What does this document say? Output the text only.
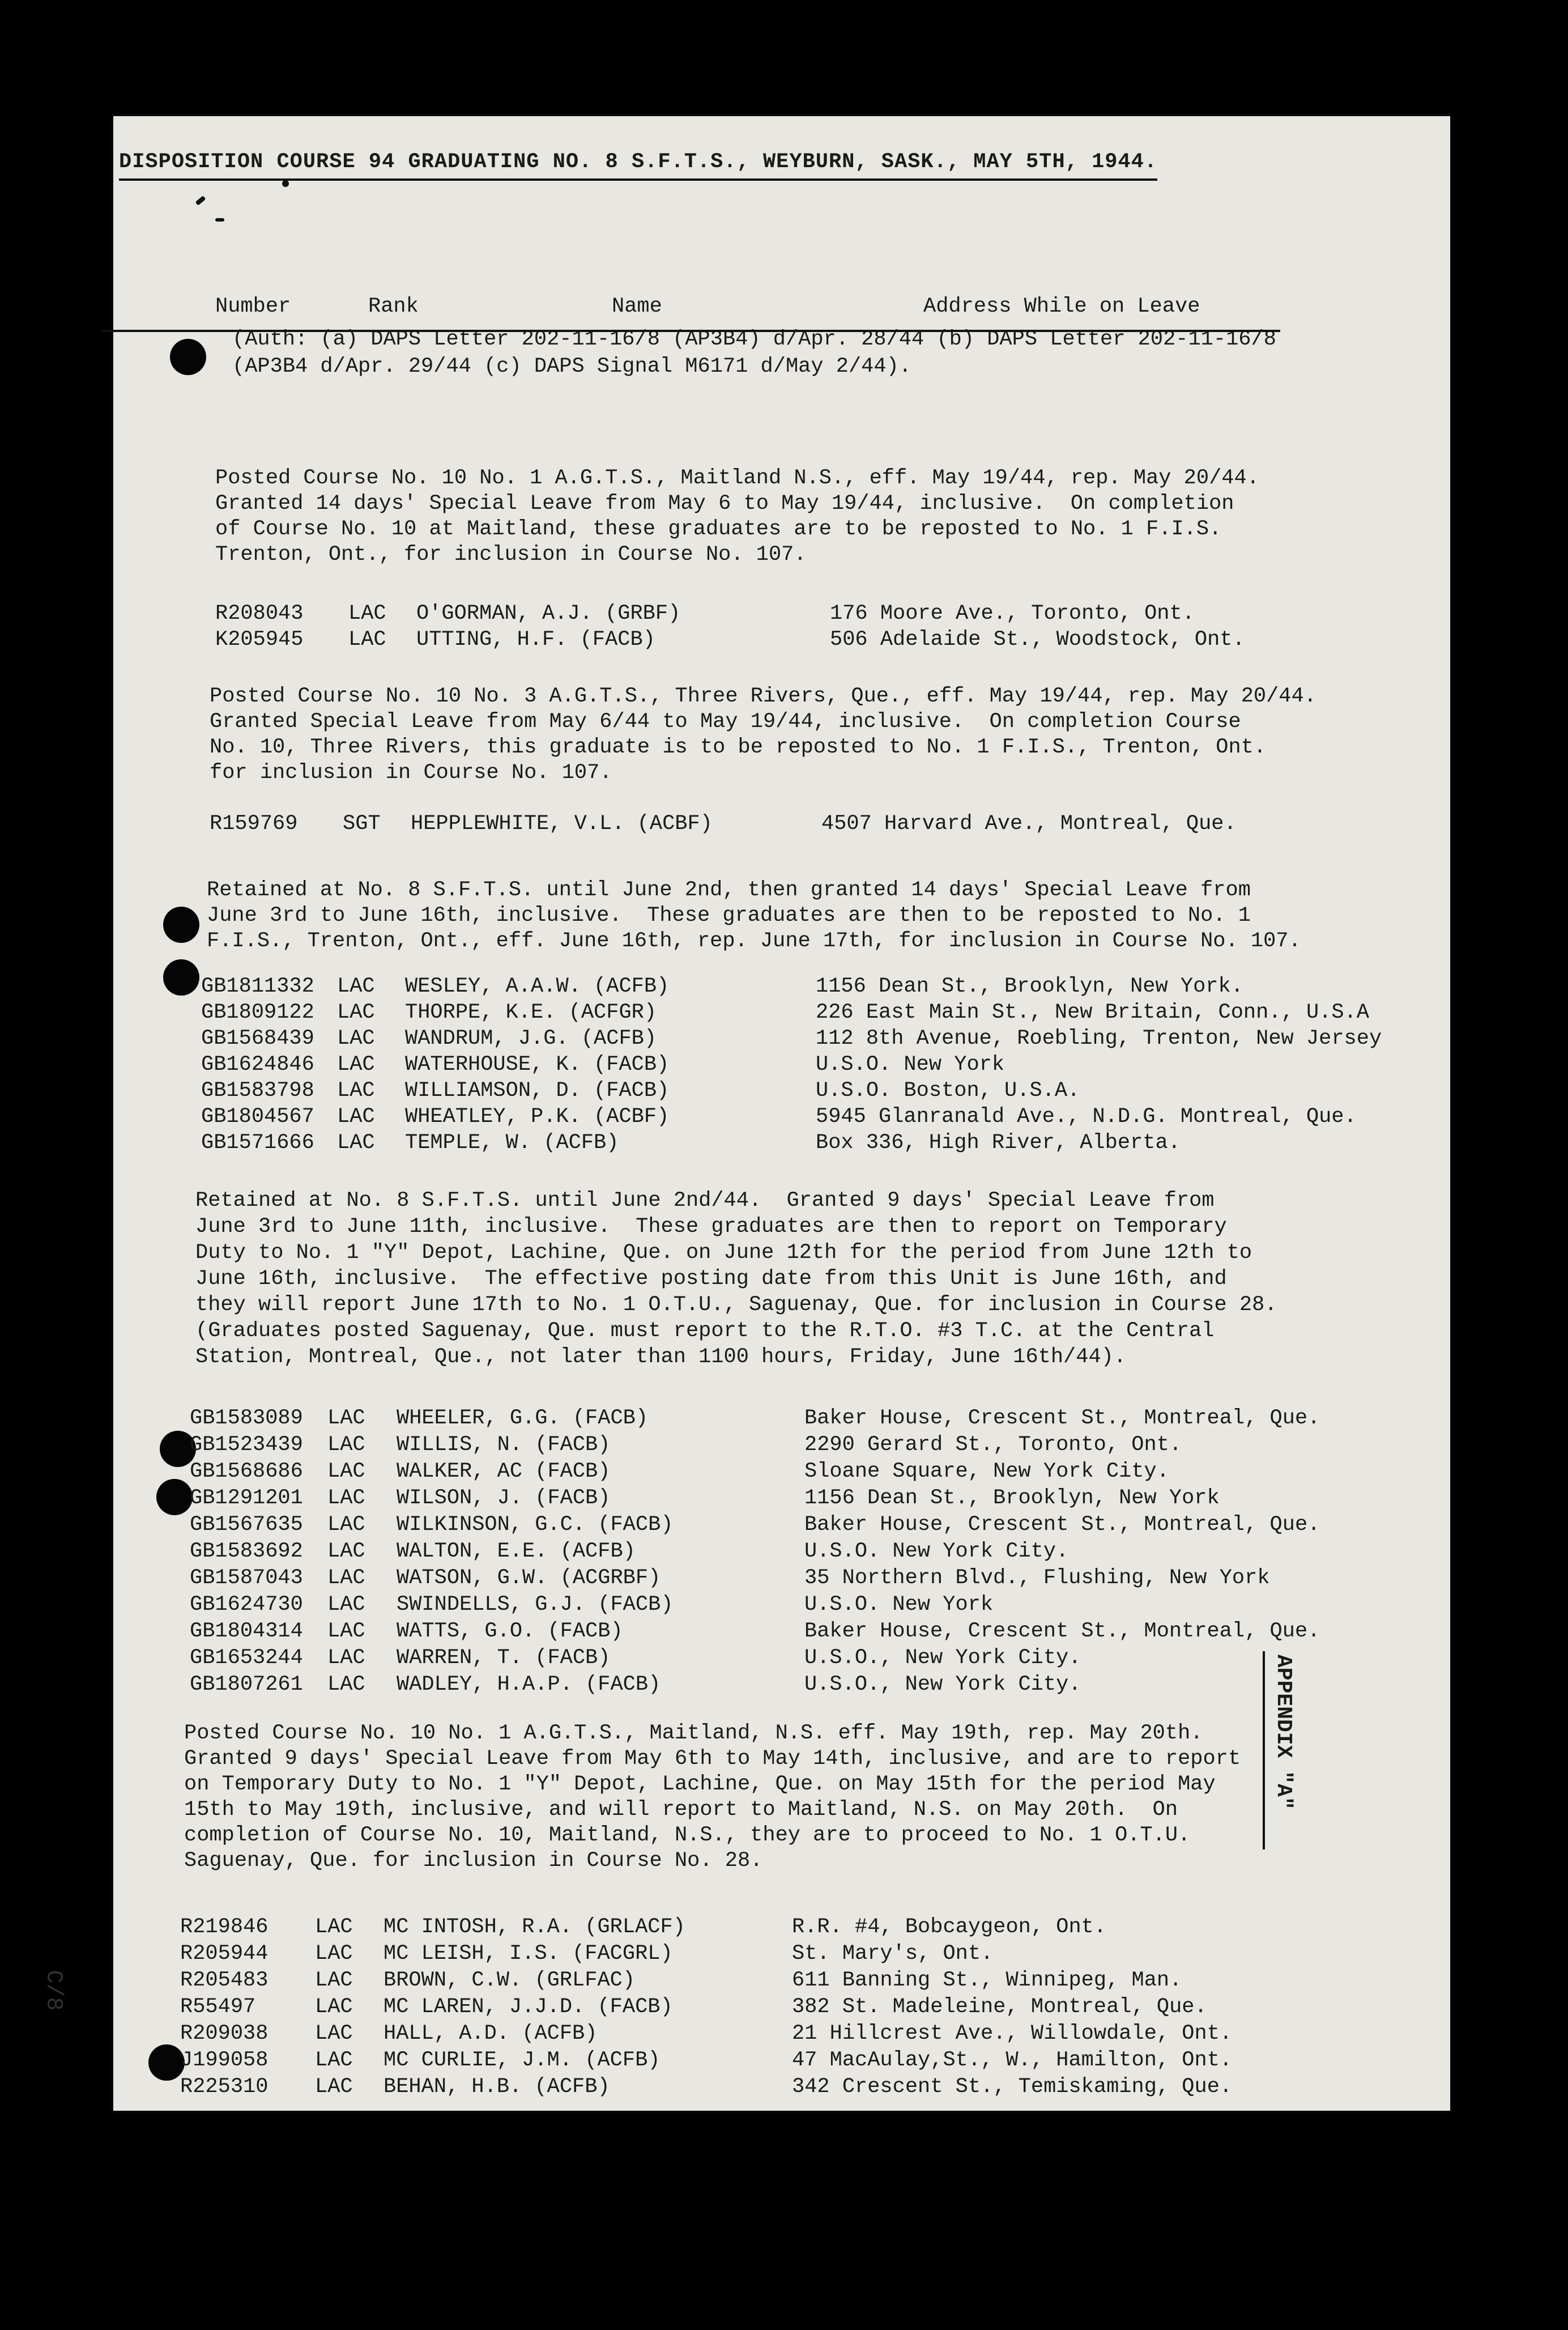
DISPOSITION COURSE 94 GRADUATING NO. 8 S.F.T.S., WEYBURN, SASK., MAY 5TH, 1944.
(Auth: (a) DAPS Letter 202-11-16/8 (AP3B4) d/Apr. 28/44 (b) DAPS Letter 202-11-16/8
(AP3B4 d/Apr. 29/44 (c) DAPS Signal M6171 d/May 2/44).
Number	Rank	Name	Address While on Leave
Posted Course No. 10 No. 1 A.G.T.S., Maitland N.S., eff. May 19/44, rep. May 20/44.
Granted 14 days' Special Leave from May 6 to May 19/44, inclusive.  On completion
of Course No. 10 at Maitland, these graduates are to be reposted to No. 1 F.I.S.
Trenton, Ont., for inclusion in Course No. 107.
R208043 LAC O'GORMAN, A.J. (GRBF)	176 Moore Ave., Toronto, Ont.
K205945 LAC UTTING, H.F. (FACB)	506 Adelaide St., Woodstock, Ont.
Posted Course No. 10 No. 3 A.G.T.S., Three Rivers, Que., eff. May 19/44, rep. May 20/44.
Granted Special Leave from May 6/44 to May 19/44, inclusive.  On completion Course
No. 10, Three Rivers, this graduate is to be reposted to No. 1 F.I.S., Trenton, Ont.
for inclusion in Course No. 107.
R159769 SGT HEPPLEWHITE, V.L. (ACBF)	4507 Harvard Ave., Montreal, Que.
Retained at No. 8 S.F.T.S. until June 2nd, then granted 14 days' Special Leave from
June 3rd to June 16th, inclusive.  These graduates are then to be reposted to No. 1
F.I.S., Trenton, Ont., eff. June 16th, rep. June 17th, for inclusion in Course No. 107.
GB1811332 LAC WESLEY, A.A.W. (ACFB)	1156 Dean St., Brooklyn, New York.
GB1809122 LAC THORPE, K.E. (ACFGR)	226 East Main St., New Britain, Conn., U.S.A
GB1568439 LAC WANDRUM, J.G. (ACFB)	112 8th Avenue, Roebling, Trenton, New Jersey
GB1624846 LAC WATERHOUSE, K. (FACB)	U.S.O. New York
GB1583798 LAC WILLIAMSON, D. (FACB)	U.S.O. Boston, U.S.A.
GB1804567 LAC WHEATLEY, P.K. (ACBF)	5945 Glanranald Ave., N.D.G. Montreal, Que.
GB1571666 LAC TEMPLE, W. (ACFB)	Box 336, High River, Alberta.
Retained at No. 8 S.F.T.S. until June 2nd/44.  Granted 9 days' Special Leave from
June 3rd to June 11th, inclusive.  These graduates are then to report on Temporary
Duty to No. 1 "Y" Depot, Lachine, Que. on June 12th for the period from June 12th to
June 16th, inclusive.  The effective posting date from this Unit is June 16th, and
they will report June 17th to No. 1 O.T.U., Saguenay, Que. for inclusion in Course 28.
(Graduates posted Saguenay, Que. must report to the R.T.O. #3 T.C. at the Central
Station, Montreal, Que., not later than 1100 hours, Friday, June 16th/44).
GB1583089 LAC WHEELER, G.G. (FACB)	Baker House, Crescent St., Montreal, Que.
GB1523439 LAC WILLIS, N. (FACB)	2290 Gerard St., Toronto, Ont.
GB1568686 LAC WALKER, AC (FACB)	Sloane Square, New York City.
GB1291201 LAC WILSON, J. (FACB)	1156 Dean St., Brooklyn, New York
GB1567635 LAC WILKINSON, G.C. (FACB)	Baker House, Crescent St., Montreal, Que.
GB1583692 LAC WALTON, E.E. (ACFB)	U.S.O. New York City.
GB1587043 LAC WATSON, G.W. (ACGRBF)	35 Northern Blvd., Flushing, New York
GB1624730 LAC SWINDELLS, G.J. (FACB)	U.S.O. New York
GB1804314 LAC WATTS, G.O. (FACB)	Baker House, Crescent St., Montreal, Que.
GB1653244 LAC WARREN, T. (FACB)	U.S.O., New York City.
GB1807261 LAC WADLEY, H.A.P. (FACB)	U.S.O., New York City.
Posted Course No. 10 No. 1 A.G.T.S., Maitland, N.S. eff. May 19th, rep. May 20th.
Granted 9 days' Special Leave from May 6th to May 14th, inclusive, and are to report
on Temporary Duty to No. 1 "Y" Depot, Lachine, Que. on May 15th for the period May
15th to May 19th, inclusive, and will report to Maitland, N.S. on May 20th.  On
completion of Course No. 10, Maitland, N.S., they are to proceed to No. 1 O.T.U.
Saguenay, Que. for inclusion in Course No. 28.
R219846 LAC MC INTOSH, R.A. (GRLACF)	R.R. #4, Bobcaygeon, Ont.
R205944 LAC MC LEISH, I.S. (FACGRL)	St. Mary's, Ont.
R205483 LAC BROWN, C.W. (GRLFAC)	611 Banning St., Winnipeg, Man.
R55497	LAC MC LAREN, J.J.D. (FACB)	382 St. Madeleine, Montreal, Que.
R209038 LAC HALL, A.D. (ACFB)	21 Hillcrest Ave., Willowdale, Ont.
J199058 LAC MC CURLIE, J.M. (ACFB)	47 MacAulay,St., W., Hamilton, Ont.
R225310 LAC BEHAN, H.B. (ACFB)	342 Crescent St., Temiskaming, Que.
APPENDIX "A"
C/8
